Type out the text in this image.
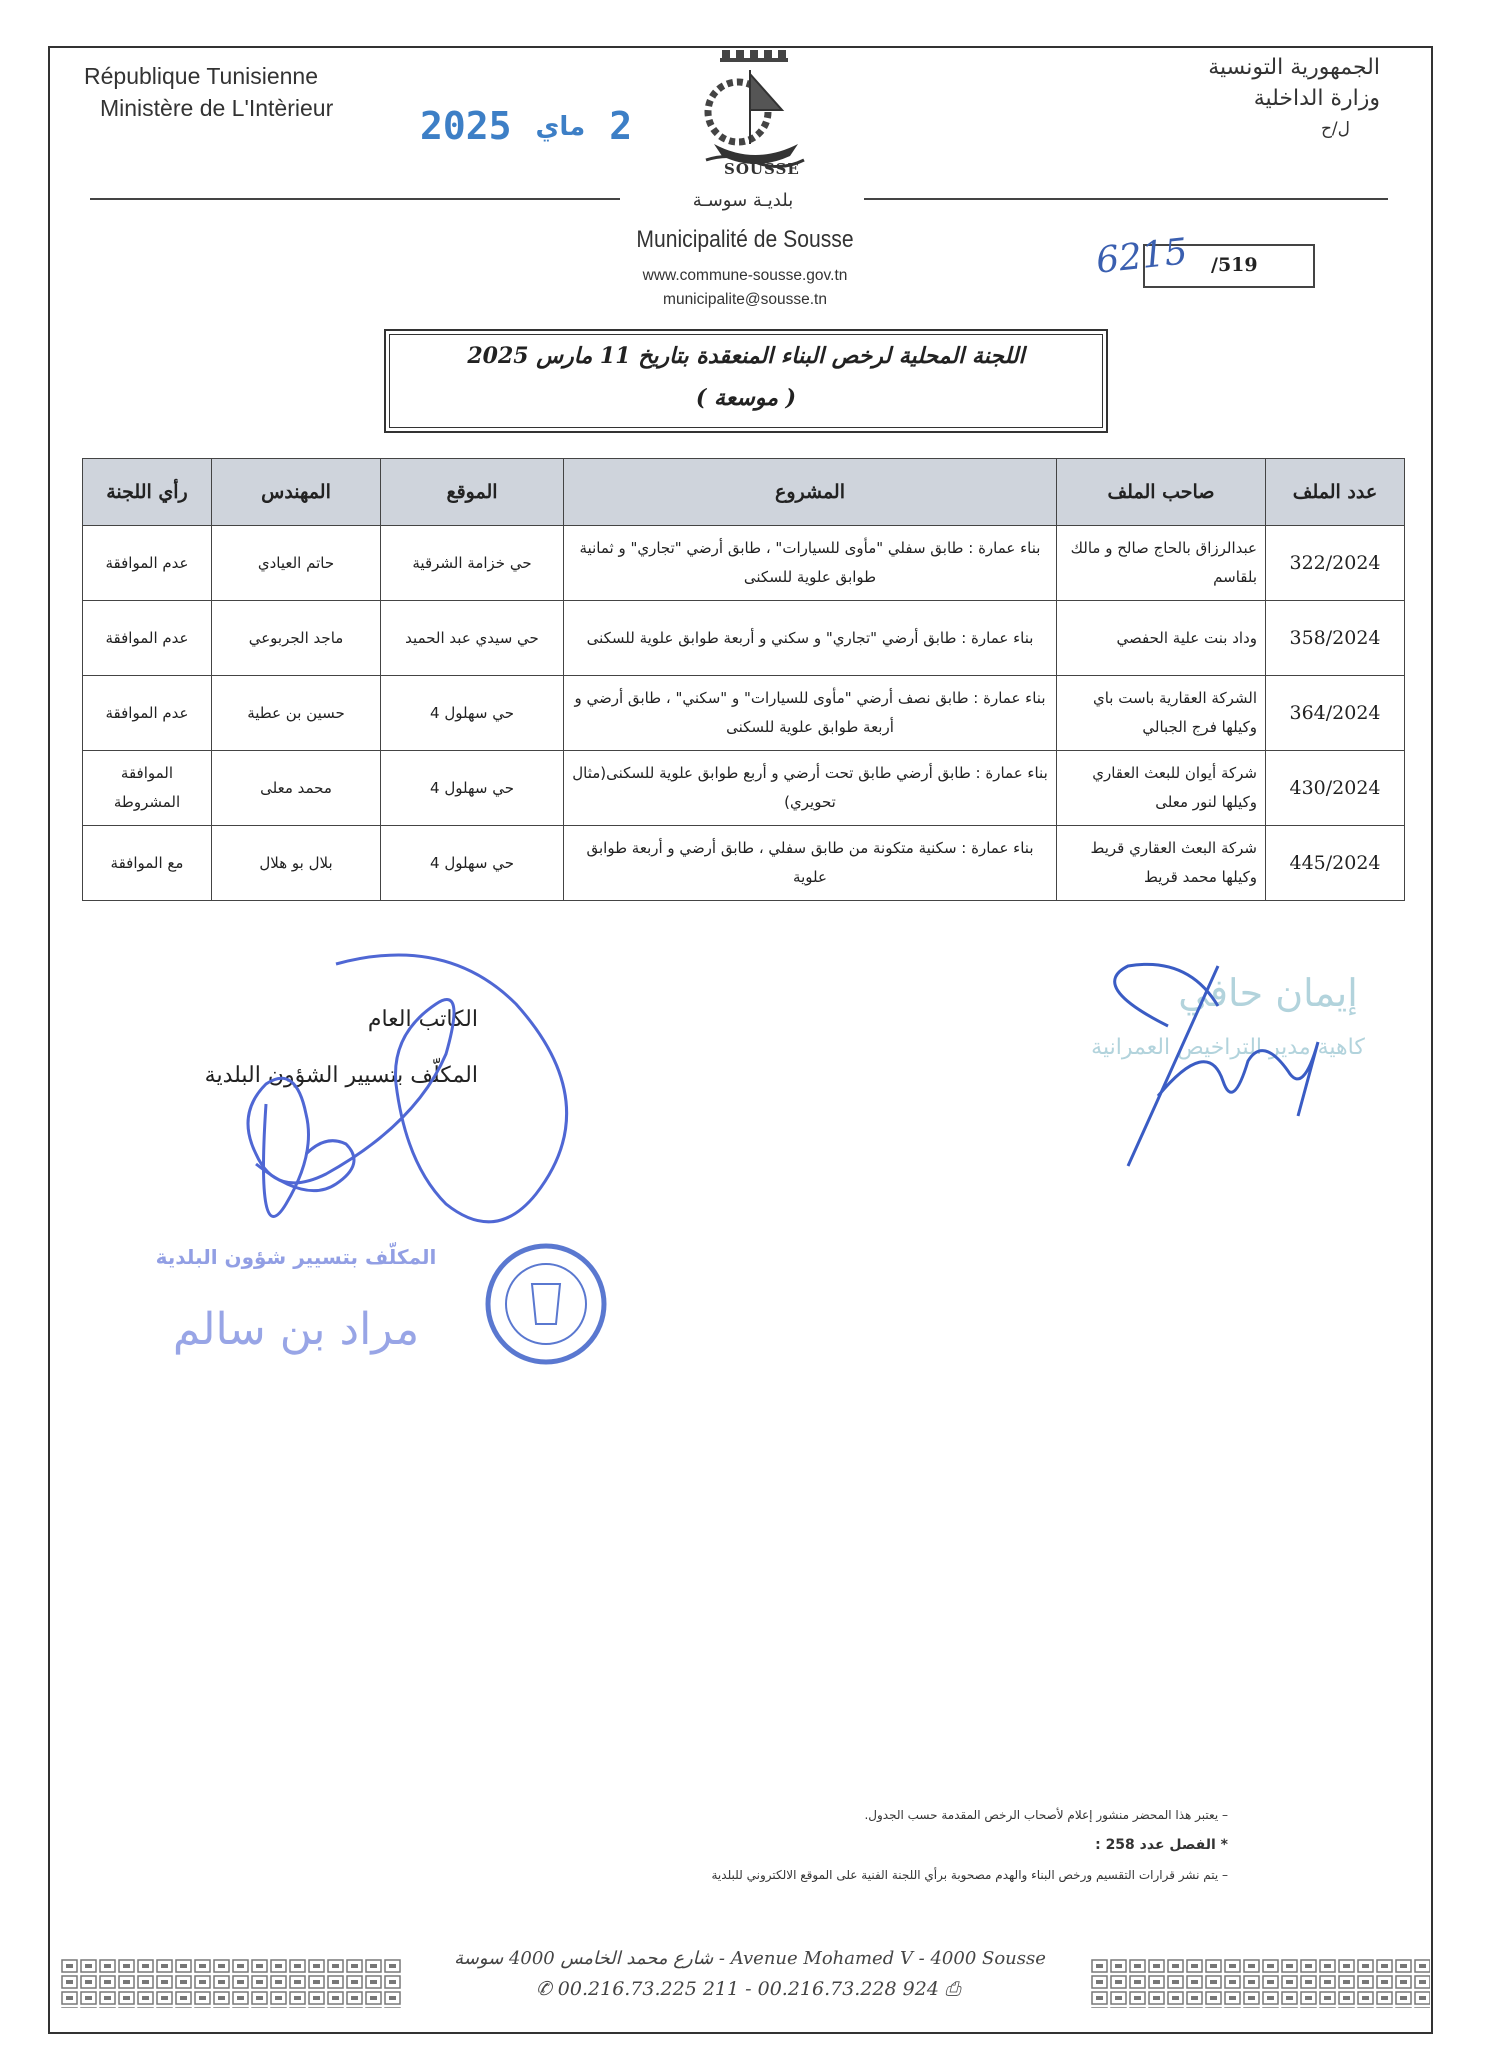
République Tunisienne
Ministère de L'Intèrieur
الجمهورية التونسية
وزارة الداخلية
ل/ح
2025 ماي 2
SOUSSE
بلديـة سوسـة
Municipalité de Sousse
www.commune-sousse.gov.tn
municipalite@sousse.tn
/519
6215
اللجنة المحلية لرخص البناء المنعقدة بتاريخ 11 مارس 2025
( موسعة )
عدد الملف	صاحب الملف	المشروع	الموقع	المهندس	رأي اللجنة
322/2024	عبدالرزاق بالحاج صالح و مالك بلقاسم	بناء عمارة : طابق سفلي "مأوى للسيارات" ، طابق أرضي "تجاري" و ثمانية طوابق علوية للسكنى	حي خزامة الشرقية	حاتم العيادي	عدم الموافقة
358/2024	وداد بنت علية الحفصي	بناء عمارة : طابق أرضي "تجاري" و سكني و أربعة طوابق علوية للسكنى	حي سيدي عبد الحميد	ماجد الجربوعي	عدم الموافقة
364/2024	الشركة العقارية باست باي وكيلها فرج الجبالي	بناء عمارة : طابق نصف أرضي "مأوى للسيارات" و "سكني" ، طابق أرضي و أربعة طوابق علوية للسكنى	حي سهلول 4	حسين بن عطية	عدم الموافقة
430/2024	شركة أيوان للبعث العقاري وكيلها لنور معلى	بناء عمارة : طابق أرضي طابق تحت أرضي و أربع طوابق علوية للسكنى(مثال تحويري)	حي سهلول 4	محمد معلى	الموافقة المشروطة
445/2024	شركة البعث العقاري قريط وكيلها محمد قريط	بناء عمارة : سكنية متكونة من طابق سفلي ، طابق أرضي و أربعة طوابق علوية	حي سهلول 4	بلال بو هلال	مع الموافقة
إيمان حافي
كاهية مدير التراخيص العمرانية
الكاتب العام
المكلّف بتسيير الشؤون البلدية
المكلّف بتسيير شؤون البلدية
مراد بن سالم
– يعتبر هذا المحضر منشور إعلام لأصحاب الرخص المقدمة حسب الجدول.
* الفصل عدد 258 :
– يتم نشر قرارات التقسيم ورخص البناء والهدم مصحوبة برأي اللجنة الفنية على الموقع الالكتروني للبلدية
Avenue Mohamed V - 4000 Sousse - شارع محمد الخامس 4000 سوسة
✆ 00.216.73.225 211 - 00.216.73.228 924 ⎙
